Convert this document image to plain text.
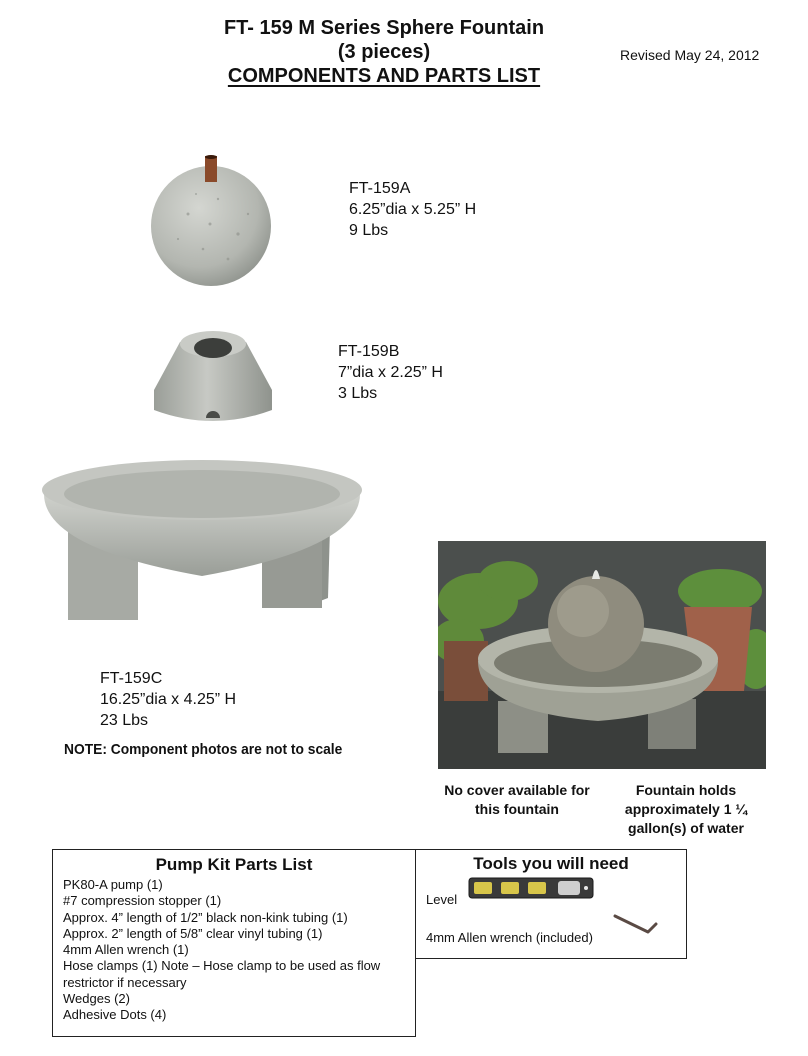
FT- 159 M Series Sphere Fountain
(3 pieces)
COMPONENTS AND PARTS LIST
Revised May 24, 2012
FT-159A
6.25”dia x 5.25” H
9 Lbs
FT-159B
7”dia x 2.25” H
3 Lbs
FT-159C
16.25”dia x 4.25” H
23 Lbs
NOTE: Component photos are not to scale
No cover available for
this fountain
Fountain holds
approximately 1 ¼
gallon(s) of water
Pump Kit Parts List
PK80-A pump (1)
#7 compression stopper (1)
Approx. 4” length of 1/2” black non-kink tubing (1)
Approx. 2” length of 5/8” clear vinyl tubing (1)
4mm Allen wrench (1)
Hose clamps (1) Note – Hose clamp to be used as flow restrictor if necessary
Wedges (2)
Adhesive Dots (4)
Tools you will need
Level
4mm Allen wrench (included)
